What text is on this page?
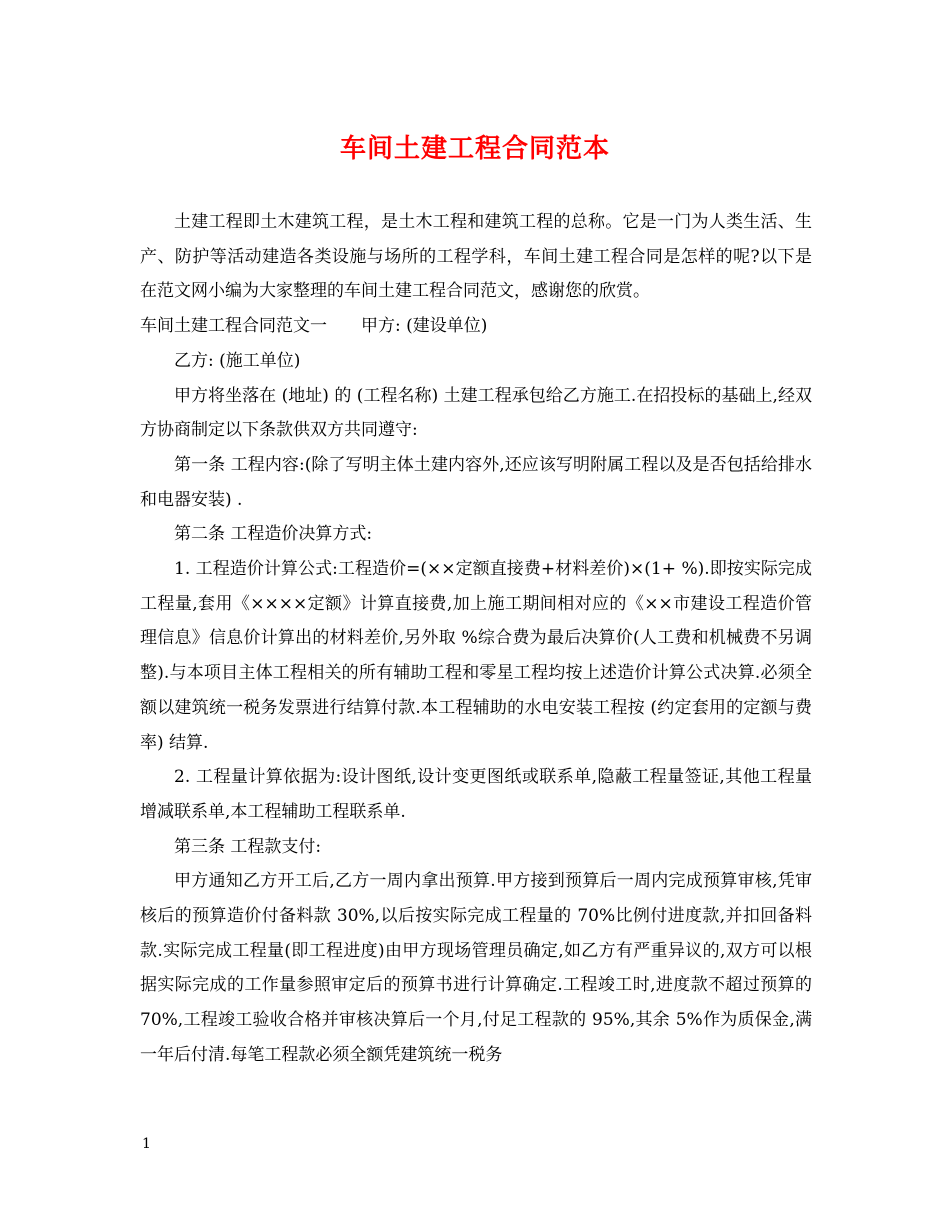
车间土建工程合同范本

土建工程即土木建筑工程，是土木工程和建筑工程的总称。它是一门为人类生活、生产、防护等活动建造各类设施与场所的工程学科，车间土建工程合同是怎样的呢?以下是在范文网小编为大家整理的车间土建工程合同范文，感谢您的欣赏。

车间土建工程合同范文一　　甲方: (建设单位)

乙方: (施工单位)

甲方将坐落在 (地址) 的 (工程名称) 土建工程承包给乙方施工.在招投标的基础上,经双方协商制定以下条款供双方共同遵守:

第一条 工程内容:(除了写明主体土建内容外,还应该写明附属工程以及是否包括给排水和电器安装) .

第二条 工程造价决算方式:

1. 工程造价计算公式:工程造价=(××定额直接费+材料差价)×(1+ %).即按实际完成工程量,套用《××××定额》计算直接费,加上施工期间相对应的《××市建设工程造价管理信息》信息价计算出的材料差价,另外取 %综合费为最后决算价(人工费和机械费不另调整).与本项目主体工程相关的所有辅助工程和零星工程均按上述造价计算公式决算.必须全额以建筑统一税务发票进行结算付款.本工程辅助的水电安装工程按 (约定套用的定额与费率) 结算.

2. 工程量计算依据为:设计图纸,设计变更图纸或联系单,隐蔽工程量签证,其他工程量增减联系单,本工程辅助工程联系单.

第三条 工程款支付:

甲方通知乙方开工后,乙方一周内拿出预算.甲方接到预算后一周内完成预算审核,凭审核后的预算造价付备料款 30%,以后按实际完成工程量的 70%比例付进度款,并扣回备料款.实际完成工程量(即工程进度)由甲方现场管理员确定,如乙方有严重异议的,双方可以根据实际完成的工作量参照审定后的预算书进行计算确定.工程竣工时,进度款不超过预算的 70%,工程竣工验收合格并审核决算后一个月,付足工程款的 95%,其余 5%作为质保金,满一年后付清.每笔工程款必须全额凭建筑统一税务

1
